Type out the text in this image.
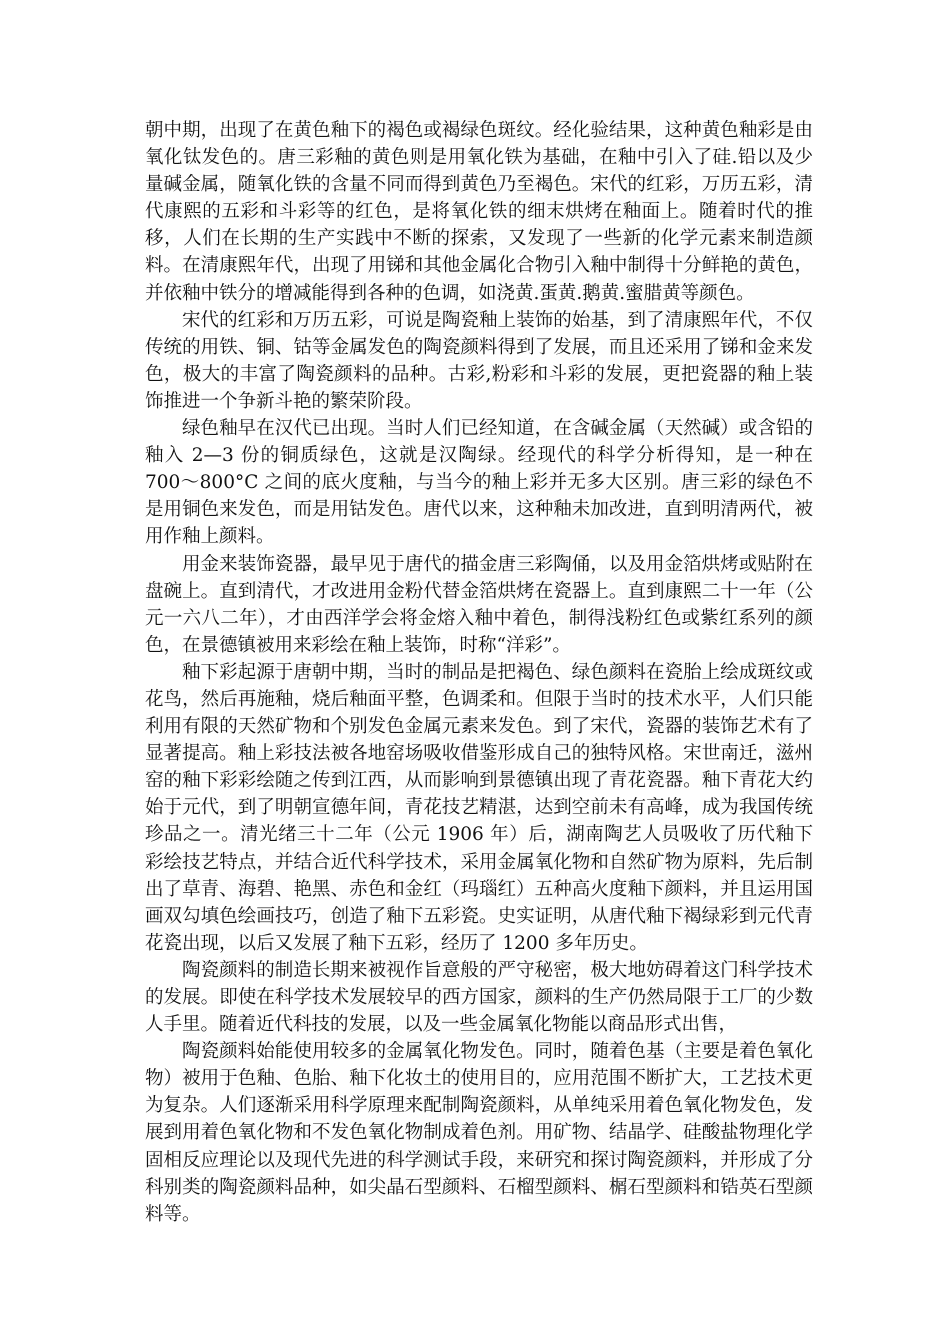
朝中期，出现了在黄色釉下的褐色或褐绿色斑纹。经化验结果，这种黄色釉彩是由氧化钛发色的。唐三彩釉的黄色则是用氧化铁为基础，在釉中引入了硅.铅以及少量碱金属，随氧化铁的含量不同而得到黄色乃至褐色。宋代的红彩，万历五彩，清代康熙的五彩和斗彩等的红色，是将氧化铁的细末烘烤在釉面上。随着时代的推移，人们在长期的生产实践中不断的探索，又发现了一些新的化学元素来制造颜料。在清康熙年代，出现了用锑和其他金属化合物引入釉中制得十分鲜艳的黄色，并依釉中铁分的增减能得到各种的色调，如浇黄.蛋黄.鹅黄.蜜腊黄等颜色。

宋代的红彩和万历五彩，可说是陶瓷釉上装饰的始基，到了清康熙年代，不仅传统的用铁、铜、钴等金属发色的陶瓷颜料得到了发展，而且还采用了锑和金来发色，极大的丰富了陶瓷颜料的品种。古彩,粉彩和斗彩的发展，更把瓷器的釉上装饰推进一个争新斗艳的繁荣阶段。

绿色釉早在汉代已出现。当时人们已经知道，在含碱金属（天然碱）或含铅的釉入 2—3 份的铜质绿色，这就是汉陶绿。经现代的科学分析得知，是一种在 700～800°C 之间的底火度釉，与当今的釉上彩并无多大区别。唐三彩的绿色不是用铜色来发色，而是用钴发色。唐代以来，这种釉未加改进，直到明清两代，被用作釉上颜料。

用金来装饰瓷器，最早见于唐代的描金唐三彩陶俑，以及用金箔烘烤或贴附在盘碗上。直到清代，才改进用金粉代替金箔烘烤在瓷器上。直到康熙二十一年（公元一六八二年），才由西洋学会将金熔入釉中着色，制得浅粉红色或紫红系列的颜色，在景德镇被用来彩绘在釉上装饰，时称“洋彩”。

釉下彩起源于唐朝中期，当时的制品是把褐色、绿色颜料在瓷胎上绘成斑纹或花鸟，然后再施釉，烧后釉面平整，色调柔和。但限于当时的技术水平，人们只能利用有限的天然矿物和个别发色金属元素来发色。到了宋代，瓷器的装饰艺术有了显著提高。釉上彩技法被各地窑场吸收借鉴形成自己的独特风格。宋世南迁，滋州窑的釉下彩彩绘随之传到江西，从而影响到景德镇出现了青花瓷器。釉下青花大约始于元代，到了明朝宣德年间，青花技艺精湛，达到空前未有高峰，成为我国传统珍品之一。清光绪三十二年（公元 1906 年）后，湖南陶艺人员吸收了历代釉下彩绘技艺特点，并结合近代科学技术，采用金属氧化物和自然矿物为原料，先后制出了草青、海碧、艳黑、赤色和金红（玛瑙红）五种高火度釉下颜料，并且运用国画双勾填色绘画技巧，创造了釉下五彩瓷。史实证明，从唐代釉下褐绿彩到元代青花瓷出现，以后又发展了釉下五彩，经历了 1200 多年历史。

陶瓷颜料的制造长期来被视作旨意般的严守秘密，极大地妨碍着这门科学技术的发展。即使在科学技术发展较早的西方国家，颜料的生产仍然局限于工厂的少数人手里。随着近代科技的发展，以及一些金属氧化物能以商品形式出售，

陶瓷颜料始能使用较多的金属氧化物发色。同时，随着色基（主要是着色氧化物）被用于色釉、色胎、釉下化妆土的使用目的，应用范围不断扩大，工艺技术更为复杂。人们逐渐采用科学原理来配制陶瓷颜料，从单纯采用着色氧化物发色，发展到用着色氧化物和不发色氧化物制成着色剂。用矿物、结晶学、硅酸盐物理化学固相反应理论以及现代先进的科学测试手段，来研究和探讨陶瓷颜料，并形成了分科别类的陶瓷颜料品种，如尖晶石型颜料、石榴型颜料、榍石型颜料和锆英石型颜料等。
